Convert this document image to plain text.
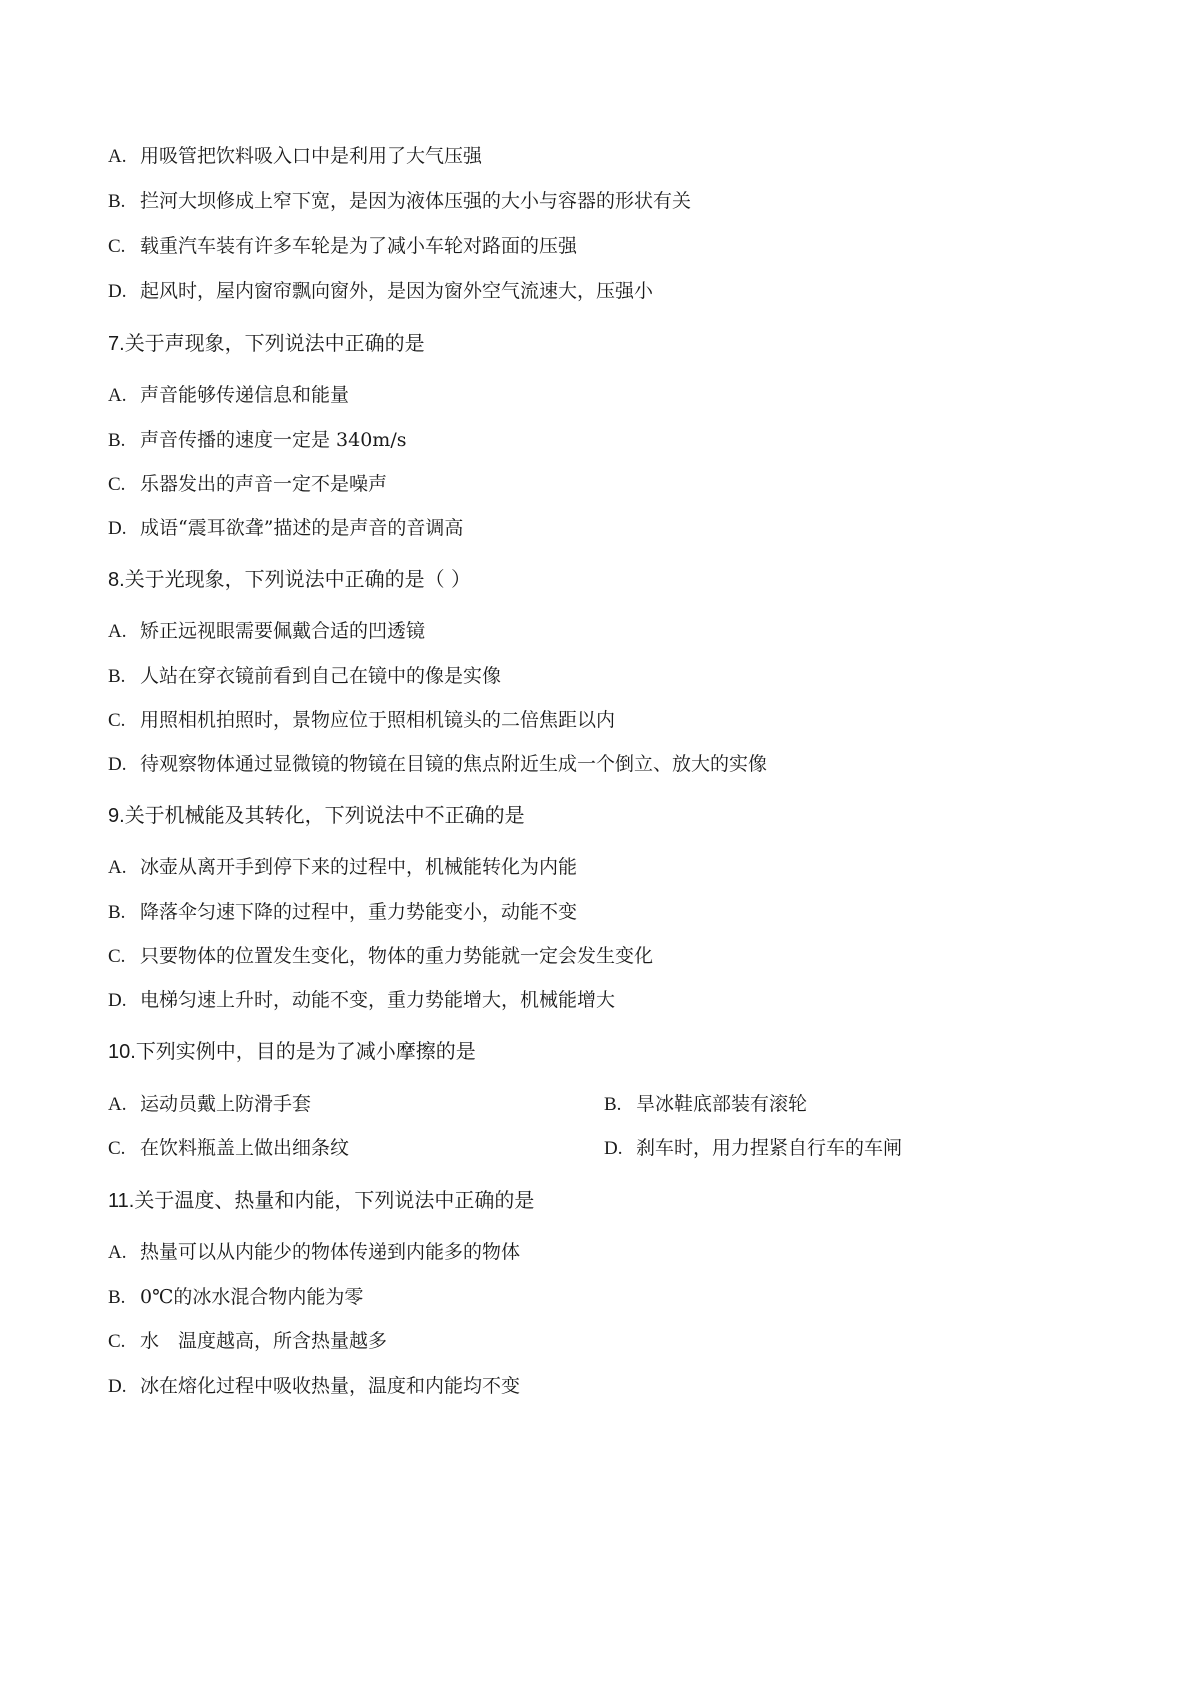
A. 用吸管把饮料吸入口中是利用了大气压强
B. 拦河大坝修成上窄下宽，是因为液体压强的大小与容器的形状有关
C. 载重汽车装有许多车轮是为了减小车轮对路面的压强
D. 起风时，屋内窗帘飘向窗外，是因为窗外空气流速大，压强小
7.关于声现象，下列说法中正确的是
A. 声音能够传递信息和能量
B. 声音传播的速度一定是 340m/s
C. 乐器发出的声音一定不是噪声
D. 成语“震耳欲聋”描述的是声音的音调高
8.关于光现象，下列说法中正确的是（ ）
A. 矫正远视眼需要佩戴合适的凹透镜
B. 人站在穿衣镜前看到自己在镜中的像是实像
C. 用照相机拍照时，景物应位于照相机镜头的二倍焦距以内
D. 待观察物体通过显微镜的物镜在目镜的焦点附近生成一个倒立、放大的实像
9.关于机械能及其转化，下列说法中不正确的是
A. 冰壶从离开手到停下来的过程中，机械能转化为内能
B. 降落伞匀速下降的过程中，重力势能变小，动能不变
C. 只要物体的位置发生变化，物体的重力势能就一定会发生变化
D. 电梯匀速上升时，动能不变，重力势能增大，机械能增大
10.下列实例中，目的是为了减小摩擦的是
A. 运动员戴上防滑手套	B. 旱冰鞋底部装有滚轮
C. 在饮料瓶盖上做出细条纹	D. 刹车时，用力捏紧自行车的车闸
11.关于温度、热量和内能，下列说法中正确的是
A. 热量可以从内能少的物体传递到内能多的物体
B. 0℃的冰水混合物内能为零
C. 水　温度越高，所含热量越多
D. 冰在熔化过程中吸收热量，温度和内能均不变
